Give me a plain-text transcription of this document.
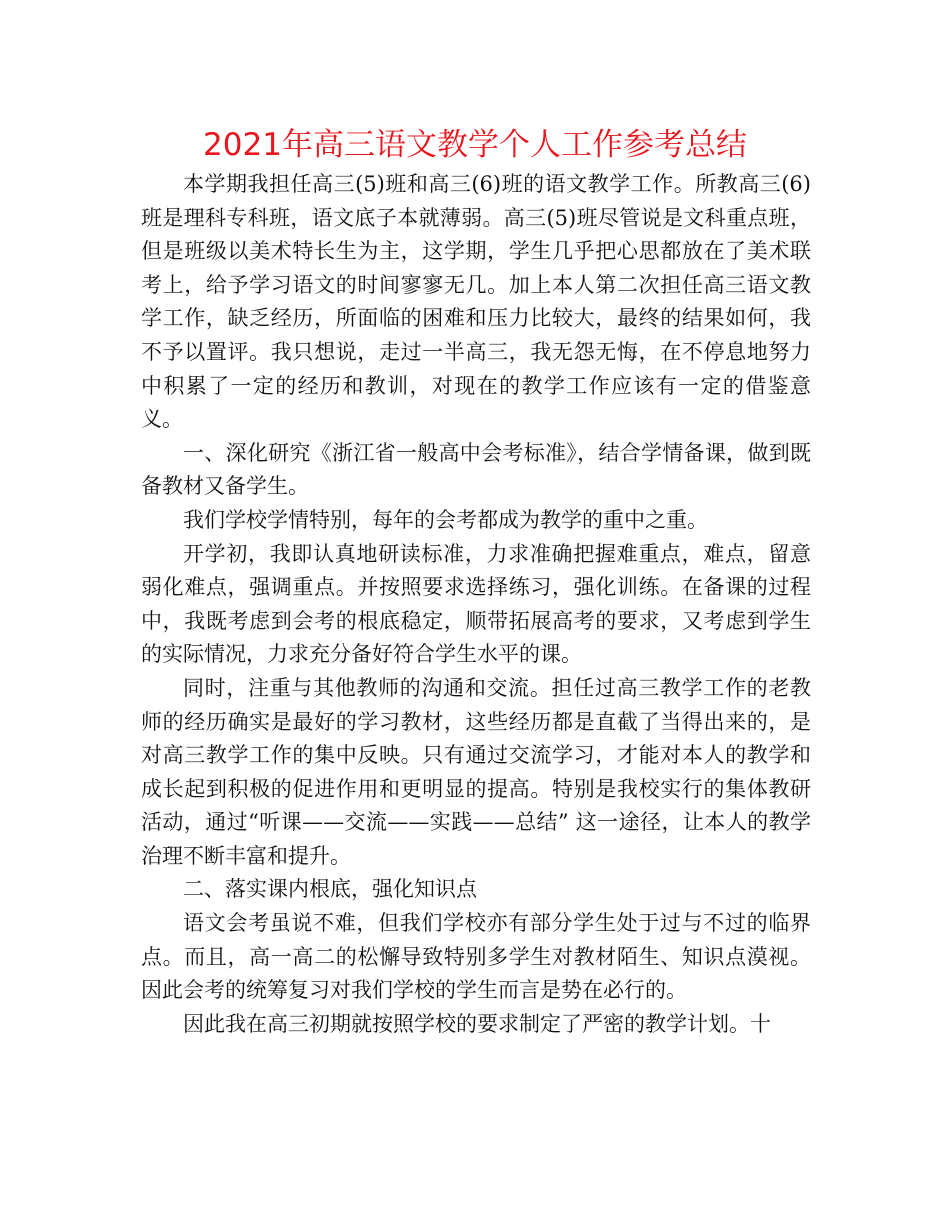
2021年高三语文教学个人工作参考总结

本学期我担任高三(5)班和高三(6)班的语文教学工作。所教高三(6)班是理科专科班，语文底子本就薄弱。高三(5)班尽管说是文科重点班，但是班级以美术特长生为主，这学期，学生几乎把心思都放在了美术联考上，给予学习语文的时间寥寥无几。加上本人第二次担任高三语文教学工作，缺乏经历，所面临的困难和压力比较大，最终的结果如何，我不予以置评。我只想说，走过一半高三，我无怨无悔，在不停息地努力中积累了一定的经历和教训，对现在的教学工作应该有一定的借鉴意义。

一、深化研究《浙江省一般高中会考标准》，结合学情备课，做到既备教材又备学生。

我们学校学情特别，每年的会考都成为教学的重中之重。

开学初，我即认真地研读标准，力求准确把握难重点，难点，留意弱化难点，强调重点。并按照要求选择练习，强化训练。在备课的过程中，我既考虑到会考的根底稳定，顺带拓展高考的要求，又考虑到学生的实际情况，力求充分备好符合学生水平的课。

同时，注重与其他教师的沟通和交流。担任过高三教学工作的老教师的经历确实是最好的学习教材，这些经历都是直截了当得出来的，是对高三教学工作的集中反映。只有通过交流学习，才能对本人的教学和成长起到积极的促进作用和更明显的提高。特别是我校实行的集体教研活动，通过“听课——交流——实践——总结” 这一途径，让本人的教学治理不断丰富和提升。

二、落实课内根底，强化知识点

语文会考虽说不难，但我们学校亦有部分学生处于过与不过的临界点。而且，高一高二的松懈导致特别多学生对教材陌生、知识点漠视。因此会考的统筹复习对我们学校的学生而言是势在必行的。

因此我在高三初期就按照学校的要求制定了严密的教学计划。十
